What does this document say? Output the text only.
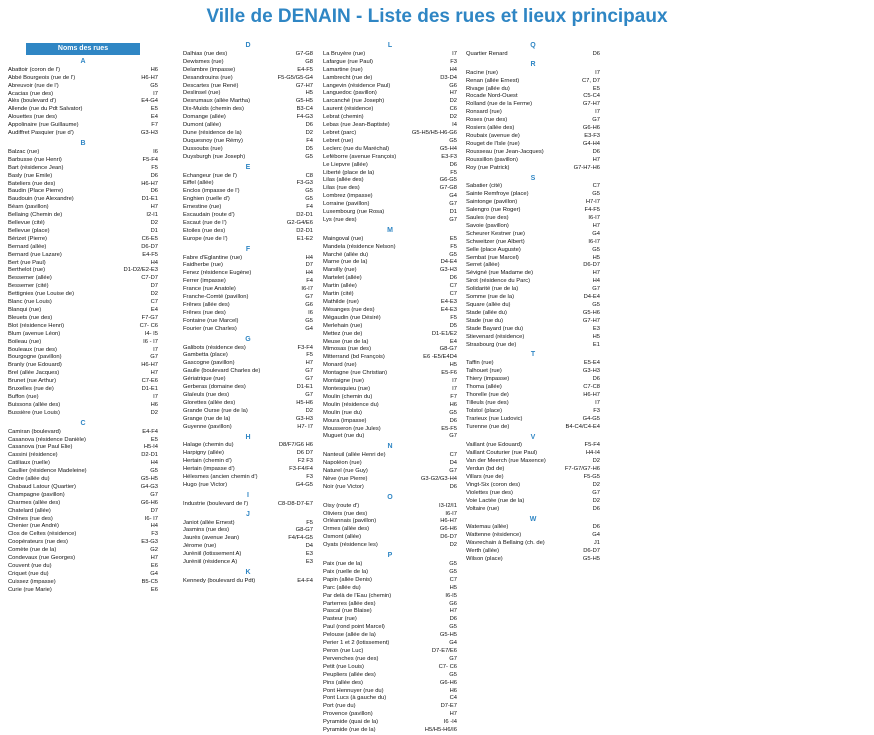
Ville de DENAIN - Liste des rues et lieux principaux
Noms des rues
A
Abattoir (coron de l')	H6
Abbé Bourgeois (rue de l')	H6-H7
Abreuvoir (rue de l')	G5
Acacias (rue des)	I7
Alès (boulevard d')	E4-G4
Allende (rue du Pdt Salvator)	E5
Alouettes (rue des)	E4
Appolinaire (rue Guillaume)	F7
Audiffret Pasquier (rue d')	G3-H3
B
Balzac (rue)	I6
Barbusse (rue Henri)	F5-F4
Bart (résidence Jean)	F5
Basly (rue Emile)	D6
Bateliers (rue des)	H6-H7
Baudin (Place Pierre)	D6
Baudouin (rue Alexandre)	D1-E1
Béarn (pavillon)	H7
Bellaing (Chemin de)	I2-I1
Bellevue (cité)	D2
Bellevue (place)	D1
Bérizet (Pierre)	C6-E5
Bernard (allée)	D6-D7
Bernard (rue Lazare)	E4-F5
Bert (rue Paul)	H4
Berthelot (rue)	D1-D2/E2-E3
Bessemer (allée)	C7-D7
Bessemer (cité)	D7
Bettignies (rue Louise de)	D2
Blanc (rue Louis)	C7
Blanqui (rue)	E4
Bleuets (rue des)	F7-G7
Blot (résidence Henri)	C7- C6
Blum (avenue Léon)	I4- I5
Boileau (rue)	I6 - I7
Bouleaux (rue des)	I7
Bourgogne (pavillon)	G7
Branly (rue Edouard)	H6-H7
Brel (allée Jacques)	H7
Brunet (rue Arthur)	C7-E6
Bruxelles (rue de)	D1-E1
Buffon (rue)	I7
Buissons (allée des)	H6
Bussière (rue Louis)	D2
C
Camiran (boulevard)	E4-F4
Casanova (résidence Danièle)	E5
Casanova (rue Paul Elie)	H5-I4
Cassini (résidence)	D2-D1
Catiliaux (ruelle)	H4
Caullier (résidence Madeleine)	G5
Cèdre (allée du)	G5-H5
Chabaud Latour (Quartier)	G4-G3
Champagne (pavillon)	G7
Charmes (allée des)	G6-H6
Chatelard (allée)	D7
Chênes (rue des)	I6- I7
Chenier (rue André)	H4
Clos de Celtes (résidence)	F3
Coopérateurs (rue des)	E3-G3
Comète (rue de la)	G2
Condevaux (rue Georges)	H7
Couvent (rue du)	E6
Criquet (rue du)	G4
Cuissez (impasse)	B5-C5
Curie (rue Marie)	E6
D
Dalhias (rue des)	G7-G8
Dewismes (rue)	G8
Delambre (impasse)	E4-F5
Desandrouins (rue)	F5-G5/G5-G4
Descartes (rue René)	G7-H7
Deslinsel (rue)	H5
Desrumaux (allée Martha)	G5-H5
Dix-Muids (chemin des)	B3-C4
Domange (allée)	F4-G3
Dumont (allée)	D6
Dune (résidence de la)	D2
Duquesnoy (rue Rémy)	F4
Dussoubs (rue)	D5
Duysburgh (rue Joseph)	G5
E
Echangeur (rue de l')	C8
Eiffel (allée)	F3-G3
Enclos (impasse de l')	G5
Enghien (ruelle d')	G5
Ernestine (rue)	F4
Escaudain (route d')	D2-D1
Escaut (rue de l')	G2-G4/E6
Etoiles (rue des)	D2-D1
Europe (rue de l')	E1-E2
F
Fabre d'Eglantine (rue)	H4
Faidherbe (rue)	D7
Fenez (résidence Eugène)	H4
Ferrer (impasse)	F4
France (rue Anatole)	I6-I7
Franche-Comté (pavillon)	G7
Frênes (allée des)	G6
Frênes (rue des)	I6
Fontaine (rue Marcel)	G5
Fourier (rue Charles)	G4
G
Galibots (résidence des)	F3-F4
Gambetta (place)	F5
Gascogne (pavillon)	H7
Gaulle (boulevard Charles de)	G7
Gériatrique (rue)	G7
Gerberas (domaine des)	D1-E1
Glaïeuls (rue des)	G7
Glorettes (allée des)	H5-H6
Grande Ourse (rue de la)	D2
Grange (rue de la)	G3-H3
Guyenne (pavillon)	H7- I7
H
Halage (chemin du)	D8/F7/G6 H6
Harpigny (allée)	D6 D7
Hertain (chemin d')	F2 F3
Hertain (impasse d')	F3-F4/F4
Hélesmes (ancien chemin d')	F3
Hugo (rue Victor)	G4-G5
I
Industrie (boulevard de l')	C8-D8-D7-E7
J
Janiot (allée Ernest)	F5
Jasmins (rue des)	G8-G7
Jaurès (avenue Jean)	F4/F4-G5
Jérome (rue)	D4
Juréniil (lotissement A)	E3
Juréniil (résidence A)	E3
K
Kennedy (boulevard du Pdt)	E4-F4
L
La Bruyère (rue)	I7
Lafargue (rue Paul)	F3
Lamartine (rue)	H4
Lambrecht (rue de)	D3-D4
Langevin (résidence Paul)	G6
Languedoc (pavillon)	H7
Larcanché (rue Joseph)	D2
Laurent (résidence)	C6
Lebrat (chemin)	D2
Lebas (rue Jean-Baptiste)	I4
Lebret (parc)	G5-H5/H5-H6-G6
Lebret (rue)	G5
Leclerc (rue du Maréchal)	G5-H4
Leféborre (avenue François)	E3-F3
Le Liepvre (allée)	D6
Liberté (place de la)	F5
Lilas (allée des)	G6-G5
Lilas (rue des)	G7-G8
Lombrez (impasse)	G4
Lorraine (pavillon)	G7
Luxembourg (rue Rosa)	D1
Lys (rue des)	G7
M
Maingoval (rue)	E5
Mandela (résidence Nelson)	F5
Marché (allée du)	G5
Marne (rue de la)	D4-E4
Marsilly (rue)	G3-H3
Martelet (allée)	D6
Martin (allée)	C7
Martin (cité)	C7
Mathilde (rue)	E4-E3
Mésanges (rue des)	E4-E3
Mégaudin (rue Désiré)	F5
Merlehain (rue)	D5
Mettez (rue de)	D1-E1/E2
Meuse (rue de la)	E4
Mimosas (rue des)	G8-G7
Mitterrand (bd François)	E6 -E5/E4D4
Monard (rue)	H5
Montagne (rue Christian)	E5-F6
Montaigne (rue)	I7
Montesquieu (rue)	I7
Moulin (chemin du)	F7
Moulin (résidence du)	H6
Moulin (rue du)	G5
Moura (impasse)	D6
Mousseron (rue Jules)	E5-F5
Muguet (rue du)	G7
N
Nanteuil (allée Henri de)	C7
Napoléon (rue)	D4
Naturel (rue Guy)	G7
Nève (rue Pierre)	G3-G2/G3-H4
Noir (rue Victor)	D6
O
Oisy (route d')	I3-I2/I1
Oliviers (rue des)	I6-I7
Orléannais (pavillon)	H6-H7
Ormes (allée des)	G6-H6
Osmont (allée)	D6-D7
Oyats (résidence les)	D2
P
Paix (rue de la)	G5
Paix (ruelle de la)	G5
Papin (allée Denis)	C7
Parc (allée du)	H5
Par delà de l'Eau (chemin)	I6-I5
Parterres (allée des)	G6
Pascal (rue Blaise)	H7
Pasteur (rue)	D6
Paul (rond point Marcel)	G5
Pelouse (allée de la)	G5-H5
Perier 1 et 2 (lotissement)	G4
Peron (rue Luc)	D7-E7/E6
Pervenches (rue des)	G7
Petit (rue Louis)	C7- C6
Peupliers (allée des)	G5
Pins (allée des)	G6-H6
Pont Hennuyer (rue du)	H6
Pont Lucs (à gauche du)	C4
Port (rue du)	D7-E7
Provence (pavillon)	H7
Pyramide (quai de la)	I6 -I4
Pyramide (rue de la)	H5/H5-H6/I6
Q
Quartier Renard	D6
R
Racine (rue)	I7
Renan (allée Ernest)	C7, D7
Rivage (allée du)	E5
Rocade Nord-Ouest	C5-C4
Rolland (rue de la Ferme)	G7-H7
Ronsard (rue)	I7
Roses (rue des)	G7
Rosiers (allée des)	G6-H6
Roubaix (avenue de)	E3-F3
Rouget de l'Isle (rue)	G4-H4
Rousseau (rue Jean-Jacques)	D6
Roussillon (pavillon)	H7
Roy (rue Patrick)	G7-H7-H6
S
Sabatier (cité)	C7
Sainte Remfroye (place)	G5
Saintonge (pavillon)	H7-I7
Salengro (rue Roger)	F4-F5
Saules (rue des)	I6-I7
Savoie (pavillon)	H7
Scheurer Kestner (rue)	G4
Schweitzer (rue Albert)	I6-I7
Selle (place Auguste)	G5
Sembat (rue Marcel)	H5
Serret (allée)	D6-D7
Sévigné (rue Madame de)	H7
Sirot (résidence du Parc)	H4
Solidarité (rue de la)	G7
Somme (rue de la)	D4-E4
Square (allée du)	G5
Stade (allée du)	G5-H6
Stade (rue du)	G7-H7
Stade Bayard (rue du)	E3
Stievenard (résidence)	H5
Strasbourg (rue de)	E1
T
Taffin (rue)	E5-E4
Talhouet (rue)	G3-H3
Thiery (impasse)	D6
Thoma (allée)	C7-C8
Thorelle (rue de)	H6-H7
Tilleuls (rue des)	I7
Tolstoï (place)	F3
Trarieux (rue Ludovic)	G4-G5
Turenne (rue de)	B4-C4/C4-E4
V
Vaillant (rue Edouard)	F5-F4
Vaillant Couturier (rue Paul)	H4-I4
Van der Meerch (rue Maxence)	D2
Verdun (bd de)	F7-G7/G7-H6
Villars (rue de)	F5-G5
Vingt-Six (coron des)	D2
Violettes (rue des)	G7
Voie Lactée (rue de la)	D2
Voltaire (rue)	D6
W
Watemau (allée)	D6
Wattenne (résidence)	G4
Wavrechain à Bellaing (ch. de)	J1
Werth (allée)	D6-D7
Wilson (place)	G5-H5
